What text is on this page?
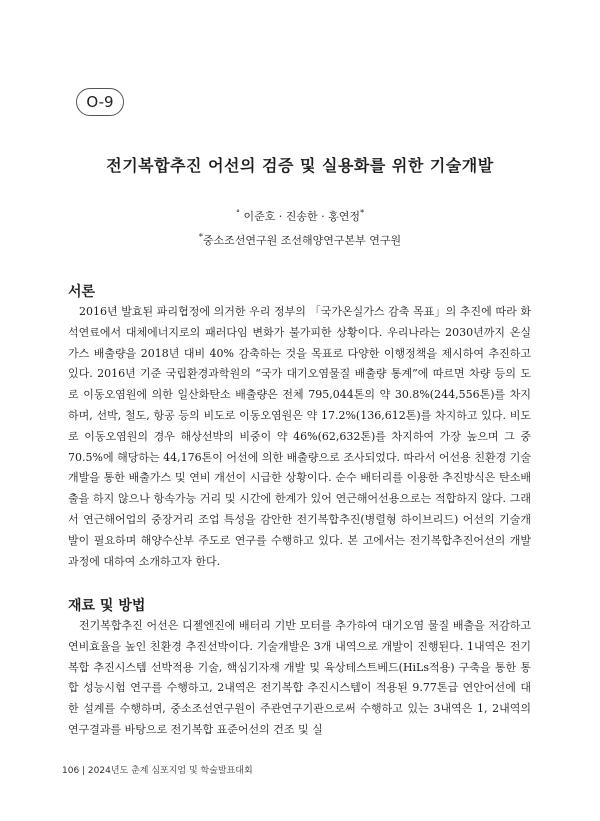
O-9
전기복합추진 어선의 검증 및 실용화를 위한 기술개발
° 이준호 · 진송한 · 홍연정*
*중소조선연구원 조선해양연구본부 연구원
서론

2016년 발효된 파리협정에 의거한 우리 정부의 「국가온실가스 감축 목표」의 추진에 따라 화석연료에서 대체에너지로의 패러다임 변화가 불가피한 상황이다. 우리나라는 2030년까지 온실가스 배출량을 2018년 대비 40% 감축하는 것을 목표로 다양한 이행정책을 제시하여 추진하고 있다. 2016년 기준 국립환경과학원의 “국가 대기오염물질 배출량 통계”에 따르면 차량 등의 도로 이동오염원에 의한 일산화탄소 배출량은 전체 795,044톤의 약 30.8%(244,556톤)를 차지하며, 선박, 철도, 항공 등의 비도로 이동오염원은 약 17.2%(136,612톤)를 차지하고 있다. 비도로 이동오염원의 경우 해상선박의 비중이 약 46%(62,632톤)를 차지하여 가장 높으며 그 중 70.5%에 해당하는 44,176톤이 어선에 의한 배출량으로 조사되었다. 따라서 어선용 친환경 기술 개발을 통한 배출가스 및 연비 개선이 시급한 상황이다. 순수 배터리를 이용한 추진방식은 탄소배출을 하지 않으나 항속가능 거리 및 시간에 한계가 있어 연근해어선용으로는 적합하지 않다. 그래서 연근해어업의 중장거리 조업 특성을 감안한 전기복합추진(병렬형 하이브리드) 어선의 기술개발이 필요하며 해양수산부 주도로 연구를 수행하고 있다. 본 고에서는 전기복합추진어선의 개발 과정에 대하여 소개하고자 한다.

재료 및 방법

전기복합추진 어선은 디젤엔진에 배터리 기반 모터를 추가하여 대기오염 물질 배출을 저감하고 연비효율을 높인 친환경 추진선박이다. 기술개발은 3개 내역으로 개발이 진행된다. 1내역은 전기복합 추진시스템 선박적용 기술, 핵심기자재 개발 및 육상테스트베드(HiLs적용) 구축을 통한 통합 성능시험 연구를 수행하고, 2내역은 전기복합 추진시스템이 적용된 9.77톤급 연안어선에 대한 설계를 수행하며, 중소조선연구원이 주관연구기관으로써 수행하고 있는 3내역은 1, 2내역의 연구결과를 바탕으로 전기복합 표준어선의 건조 및 실

106 | 2024년도 춘계 심포지엄 및 학술발표대회
